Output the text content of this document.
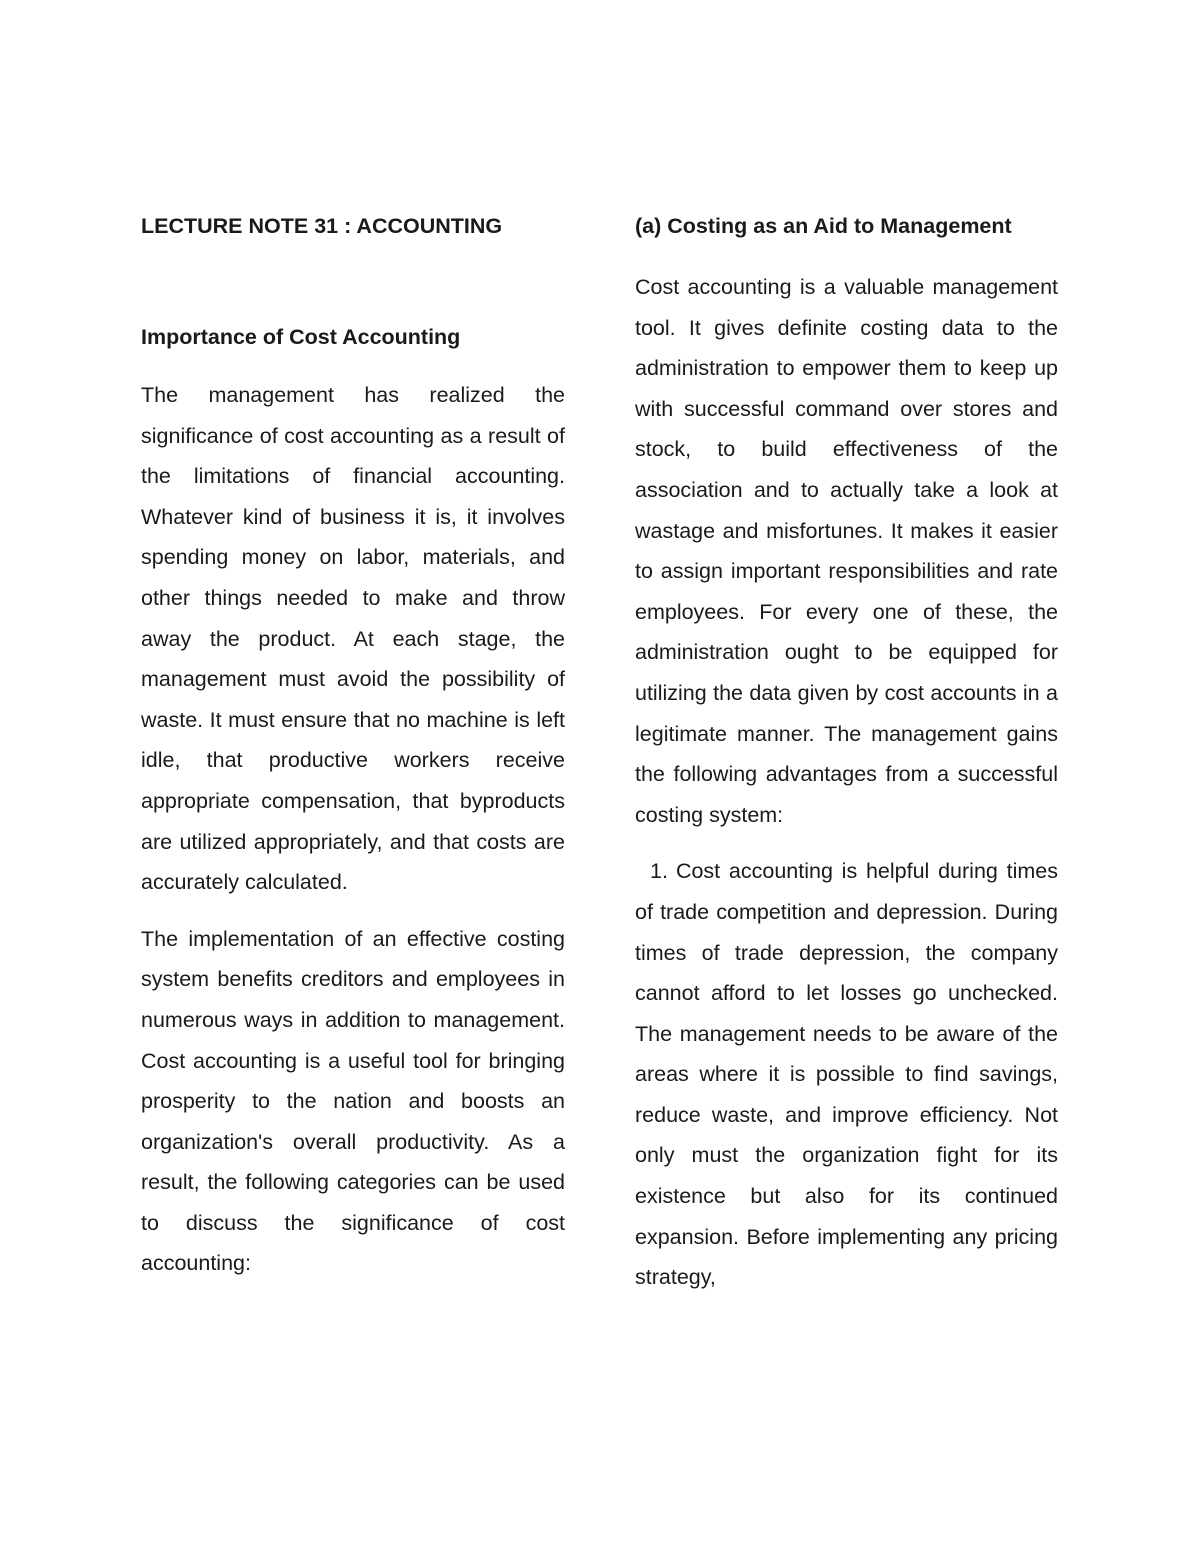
LECTURE NOTE 31 : ACCOUNTING

Importance of Cost Accounting

The management has realized the significance of cost accounting as a result of the limitations of financial accounting. Whatever kind of business it is, it involves spending money on labor, materials, and other things needed to make and throw away the product. At each stage, the management must avoid the possibility of waste. It must ensure that no machine is left idle, that productive workers receive appropriate compensation, that byproducts are utilized appropriately, and that costs are accurately calculated.

The implementation of an effective costing system benefits creditors and employees in numerous ways in addition to management. Cost accounting is a useful tool for bringing prosperity to the nation and boosts an organization's overall productivity. As a result, the following categories can be used to discuss the significance of cost accounting:

(a) Costing as an Aid to Management

Cost accounting is a valuable management tool. It gives definite costing data to the administration to empower them to keep up with successful command over stores and stock, to build effectiveness of the association and to actually take a look at wastage and misfortunes. It makes it easier to assign important responsibilities and rate employees. For every one of these, the administration ought to be equipped for utilizing the data given by cost accounts in a legitimate manner. The management gains the following advantages from a successful costing system:

1. Cost accounting is helpful during times of trade competition and depression. During times of trade depression, the company cannot afford to let losses go unchecked. The management needs to be aware of the areas where it is possible to find savings, reduce waste, and improve efficiency. Not only must the organization fight for its existence but also for its continued expansion. Before implementing any pricing strategy,
